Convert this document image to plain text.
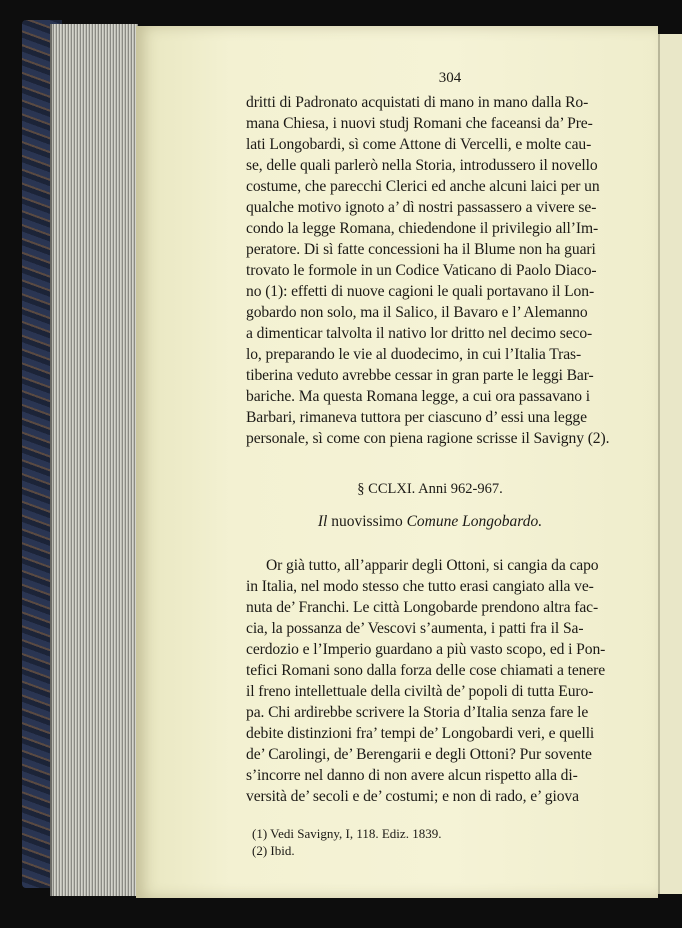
304
dritti di Padronato acquistati di mano in mano dalla Ro-
mana Chiesa, i nuovi studj Romani che faceansi da’ Pre-
lati Longobardi, sì come Attone di Vercelli, e molte cau-
se, delle quali parlerò nella Storia, introdussero il novello
costume, che parecchi Clerici ed anche alcuni laici per un
qualche motivo ignoto a’ dì nostri passassero a vivere se-
condo la legge Romana, chiedendone il privilegio all’Im-
peratore. Di sì fatte concessioni ha il Blume non ha guari
trovato le formole in un Codice Vaticano di Paolo Diaco-
no (1): effetti di nuove cagioni le quali portavano il Lon-
gobardo non solo, ma il Salico, il Bavaro e l’ Alemanno
a dimenticar talvolta il nativo lor dritto nel decimo seco-
lo, preparando le vie al duodecimo, in cui l’Italia Tras-
tiberina veduto avrebbe cessar in gran parte le leggi Bar-
bariche. Ma questa Romana legge, a cui ora passavano i
Barbari, rimaneva tuttora per ciascuno d’ essi una legge
personale, sì come con piena ragione scrisse il Savigny (2).
§ CCLXI. Anni 962-967.
Il nuovissimo Comune Longobardo.
Or già tutto, all’apparir degli Ottoni, si cangia da capo
in Italia, nel modo stesso che tutto erasi cangiato alla ve-
nuta de’ Franchi. Le città Longobarde prendono altra fac-
cia, la possanza de’ Vescovi s’aumenta, i patti fra il Sa-
cerdozio e l’Imperio guardano a più vasto scopo, ed i Pon-
tefici Romani sono dalla forza delle cose chiamati a tenere
il freno intellettuale della civiltà de’ popoli di tutta Euro-
pa. Chi ardirebbe scrivere la Storia d’Italia senza fare le
debite distinzioni fra’ tempi de’ Longobardi veri, e quelli
de’ Carolingi, de’ Berengarii e degli Ottoni? Pur sovente
s’incorre nel danno di non avere alcun rispetto alla di-
versità de’ secoli e de’ costumi; e non di rado, e’ giova
(1) Vedi Savigny, I, 118. Ediz. 1839.
(2) Ibid.
